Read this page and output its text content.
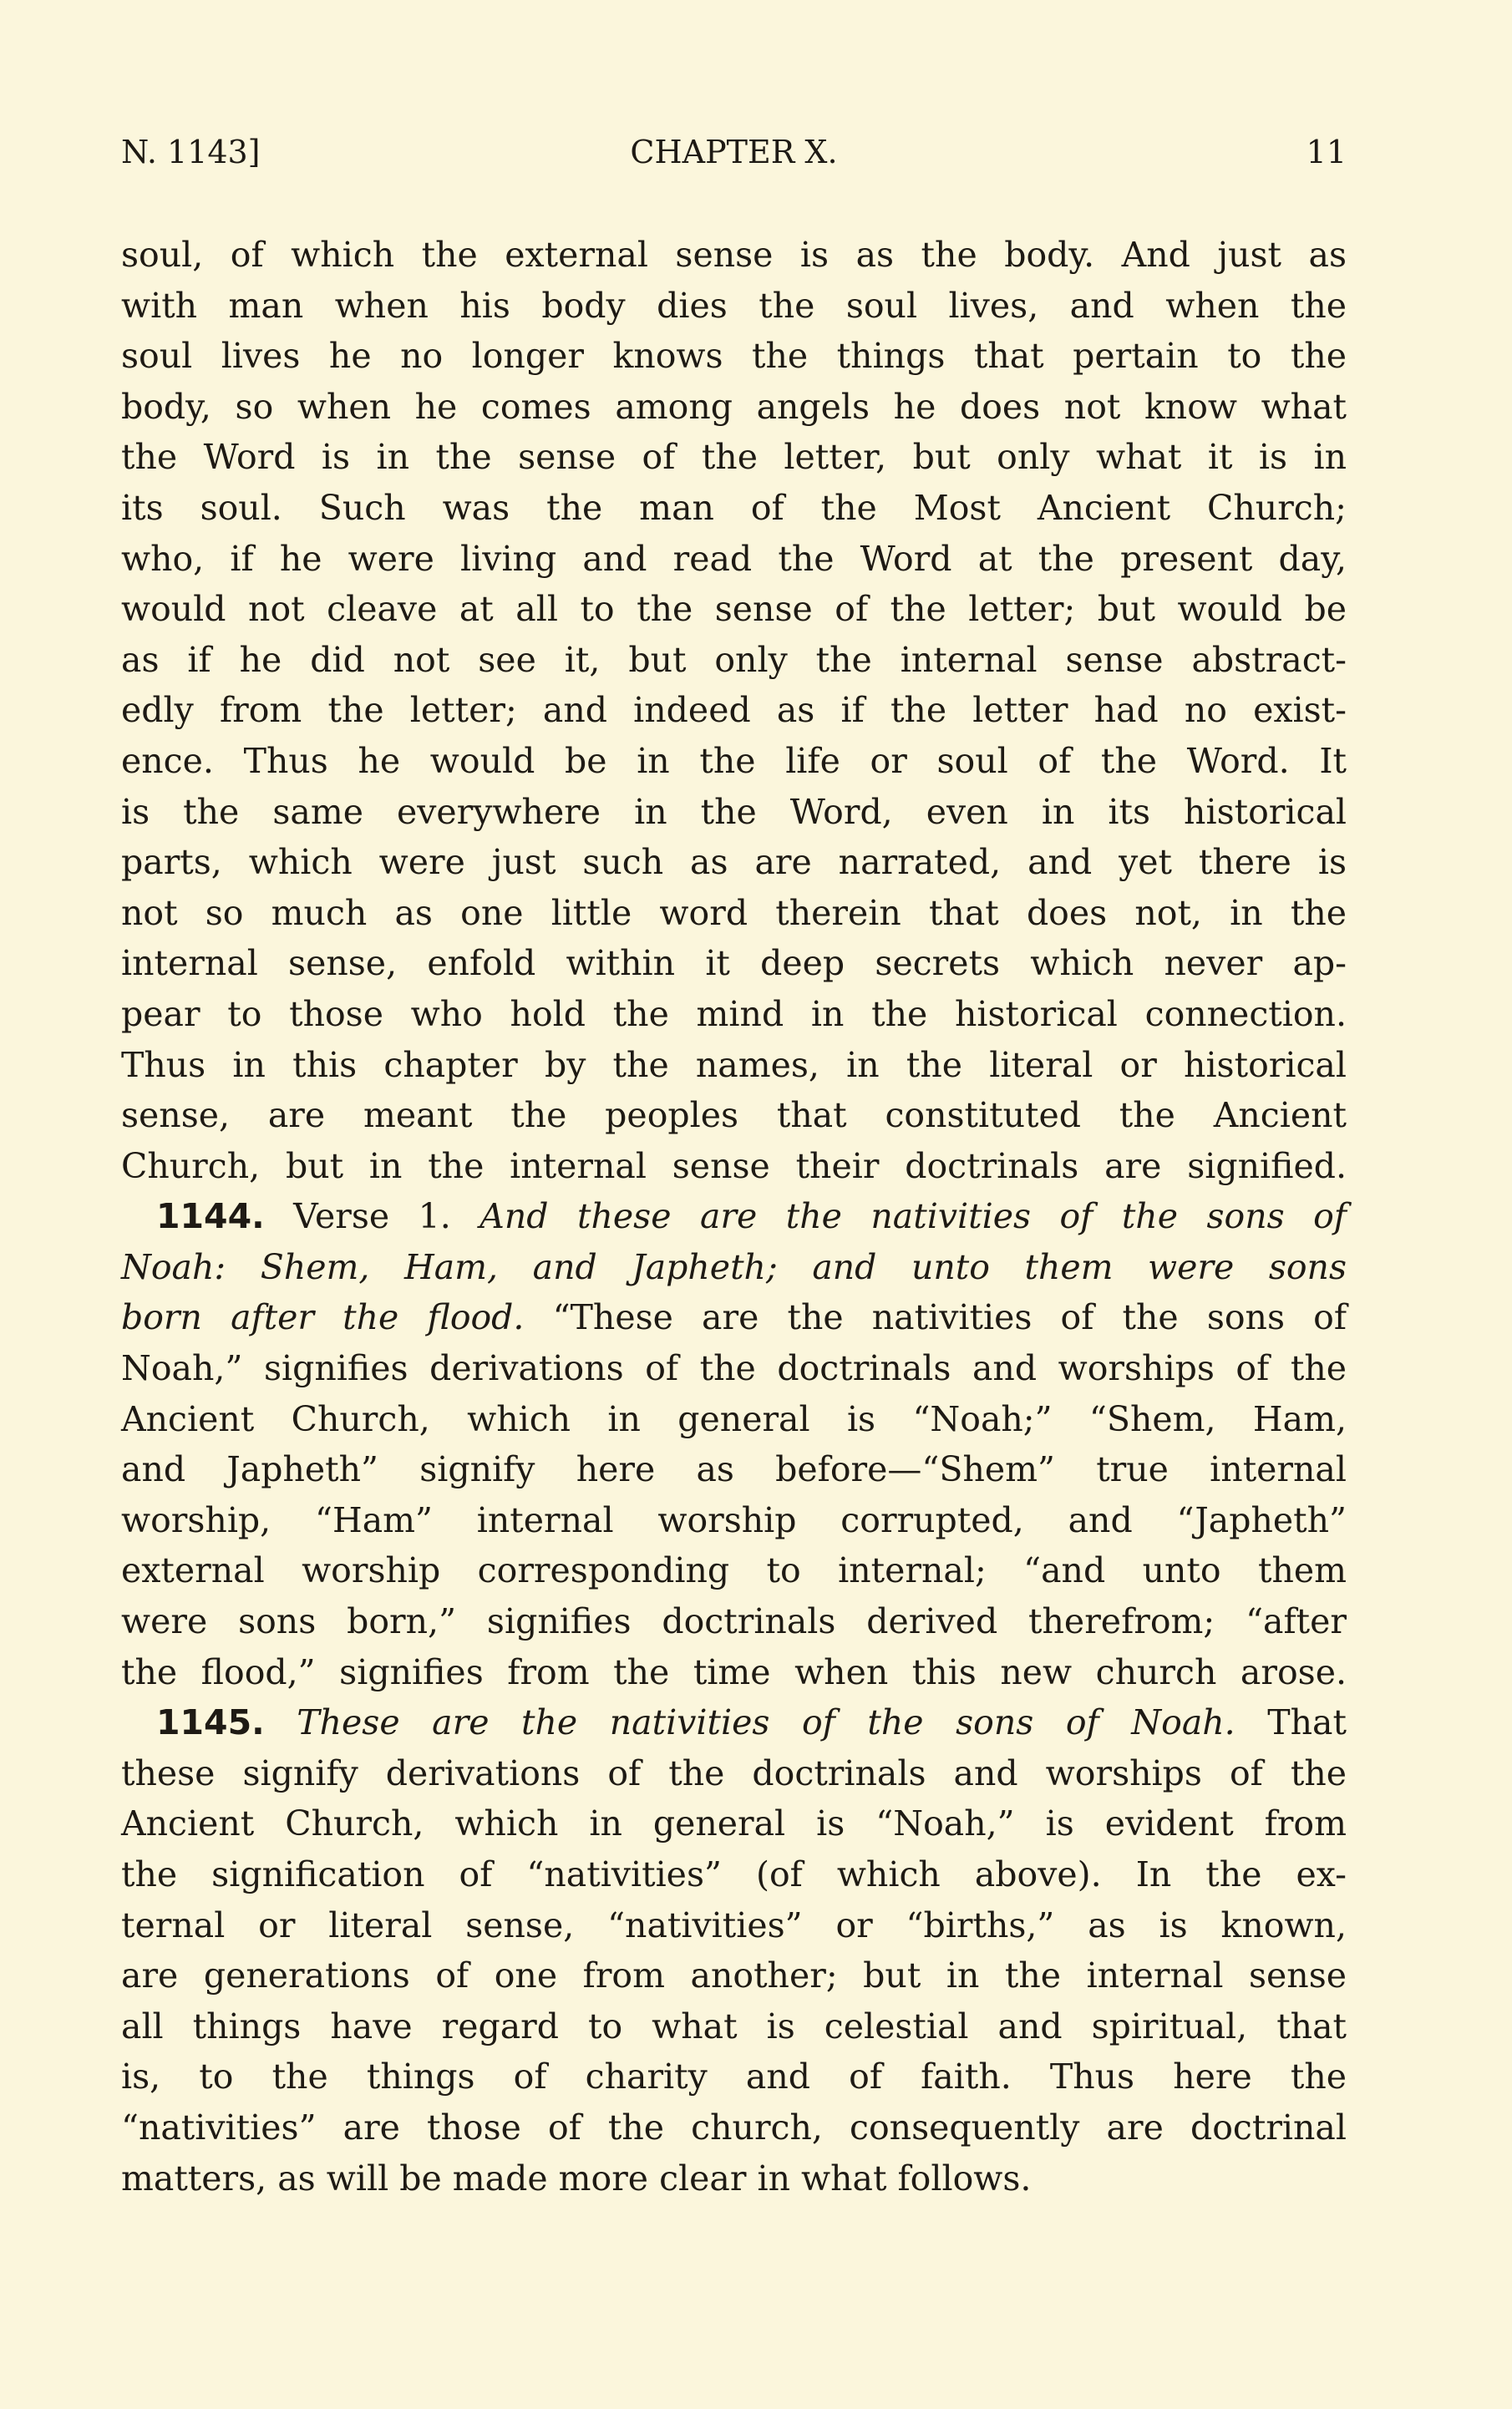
N. 1143]	CHAPTER X.	11
soul, of which the external sense is as the body. And just as
with man when his body dies the soul lives, and when the
soul lives he no longer knows the things that pertain to the
body, so when he comes among angels he does not know what
the Word is in the sense of the letter, but only what it is in
its soul. Such was the man of the Most Ancient Church;
who, if he were living and read the Word at the present day,
would not cleave at all to the sense of the letter; but would be
as if he did not see it, but only the internal sense abstract-
edly from the letter; and indeed as if the letter had no exist-
ence. Thus he would be in the life or soul of the Word. It
is the same everywhere in the Word, even in its historical
parts, which were just such as are narrated, and yet there is
not so much as one little word therein that does not, in the
internal sense, enfold within it deep secrets which never ap-
pear to those who hold the mind in the historical connection.
Thus in this chapter by the names, in the literal or historical
sense, are meant the peoples that constituted the Ancient
Church, but in the internal sense their doctrinals are signified.
1144. Verse 1. And these are the nativities of the sons of
Noah: Shem, Ham, and Japheth; and unto them were sons
born after the flood. “These are the nativities of the sons of
Noah,” signifies derivations of the doctrinals and worships of the
Ancient Church, which in general is “Noah;” “Shem, Ham,
and Japheth” signify here as before—“Shem” true internal
worship, “Ham” internal worship corrupted, and “Japheth”
external worship corresponding to internal; “and unto them
were sons born,” signifies doctrinals derived therefrom; “after
the flood,” signifies from the time when this new church arose.
1145. These are the nativities of the sons of Noah. That
these signify derivations of the doctrinals and worships of the
Ancient Church, which in general is “Noah,” is evident from
the signification of “nativities” (of which above). In the ex-
ternal or literal sense, “nativities” or “births,” as is known,
are generations of one from another; but in the internal sense
all things have regard to what is celestial and spiritual, that
is, to the things of charity and of faith. Thus here the
“nativities” are those of the church, consequently are doctrinal
matters, as will be made more clear in what follows.
